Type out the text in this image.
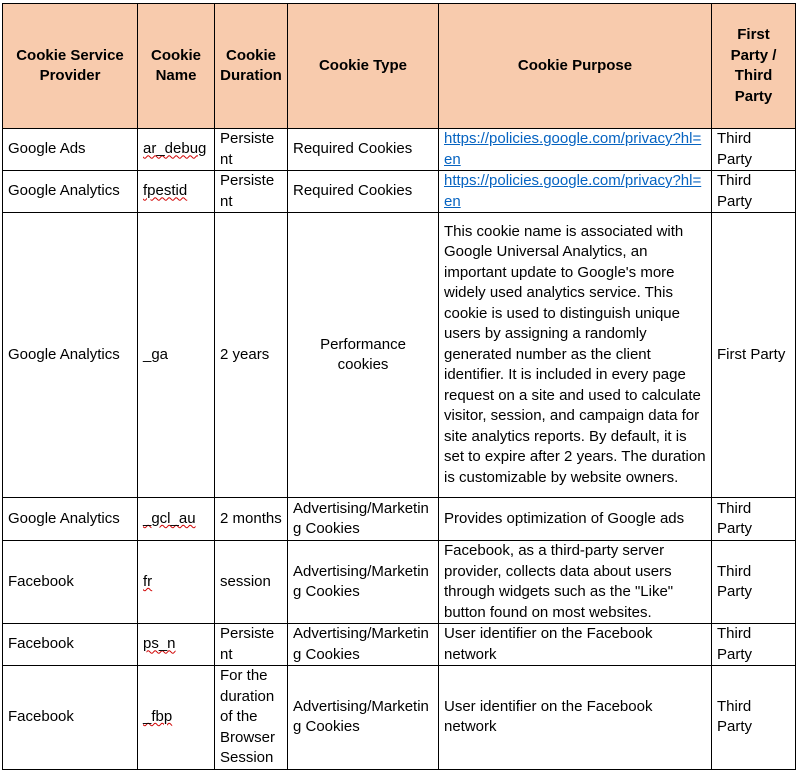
Cookie Service Provider	Cookie Name	Cookie Duration	Cookie Type	Cookie Purpose	First Party / Third Party
Google Ads	ar_debug	Persistent	Required Cookies	https://policies.google.com/privacy?hl=en	Third Party
Google Analytics	fpestid	Persistent	Required Cookies	https://policies.google.com/privacy?hl=en	Third Party
Google Analytics	_ga	2 years	Performance cookies	This cookie name is associated with Google Universal Analytics, an important update to Google's more widely used analytics service. This cookie is used to distinguish unique users by assigning a randomly generated number as the client identifier. It is included in every page request on a site and used to calculate visitor, session, and campaign data for site analytics reports. By default, it is set to expire after 2 years. The duration is customizable by website owners.	First Party
Google Analytics	_gcl_au	2 months	Advertising/Marketing Cookies	Provides optimization of Google ads	Third Party
Facebook	fr	session	Advertising/Marketing Cookies	Facebook, as a third-party server provider, collects data about users through widgets such as the "Like" button found on most websites.	Third Party
Facebook	ps_n	Persistent	Advertising/Marketing Cookies	User identifier on the Facebook network	Third Party
Facebook	_fbp	For the duration of the Browser Session	Advertising/Marketing Cookies	User identifier on the Facebook network	Third Party
